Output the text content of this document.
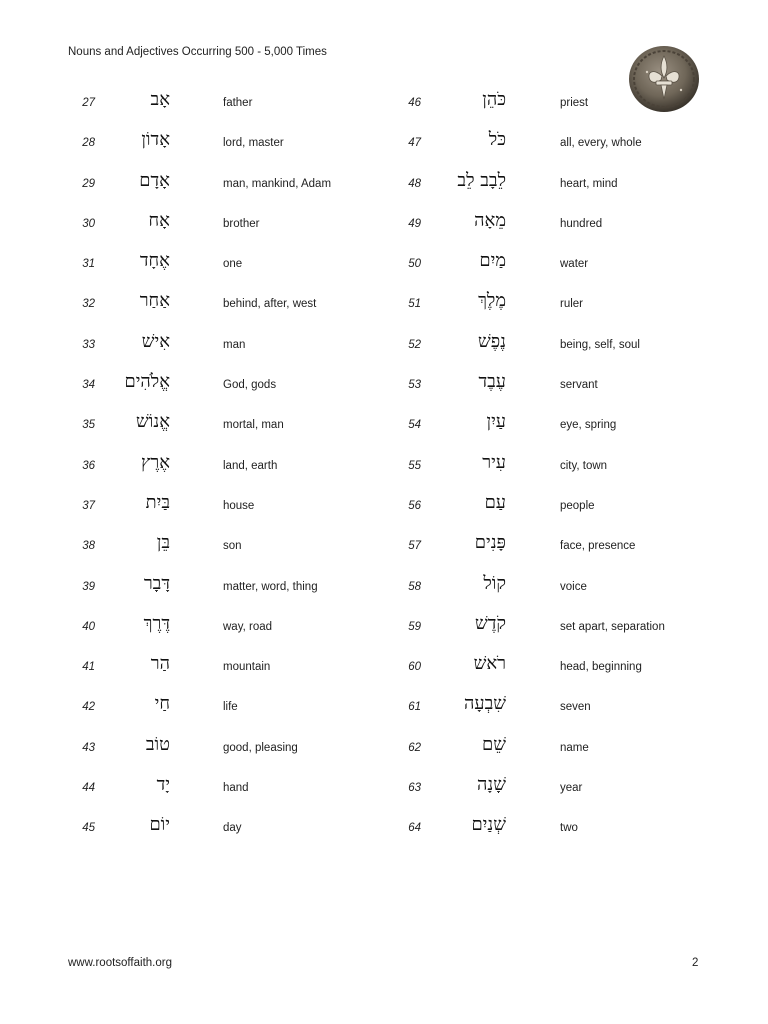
Nouns and Adjectives Occurring 500 - 5,000 Times
27	אָב	father
28	אָדוֹן	lord, master
29	אָדָם	man, mankind, Adam
30	אָח	brother
31	אֶחָד	one
32	אַחַר	behind, after, west
33	אִישׁ	man
34	אֱלֹהִים	God, gods
35	אֱנוֹשׁ	mortal, man
36	אֶרֶץ	land, earth
37	בַּיִת	house
38	בֵּן	son
39	דָּבָר	matter, word, thing
40	דֶּרֶךְ	way, road
41	הַר	mountain
42	חַי	life
43	טוֹב	good, pleasing
44	יָד	hand
45	יוֹם	day
46	כֹּהֵן	priest
47	כֹּל	all, every, whole
48	לֵבָב לֵב	heart, mind
49	מֵאָה	hundred
50	מַיִם	water
51	מֶלֶךְ	ruler
52	נֶפֶשׁ	being, self, soul
53	עֶבֶד	servant
54	עַיִן	eye, spring
55	עִיר	city, town
56	עַם	people
57	פָּנִים	face, presence
58	קוֹל	voice
59	קֹדֶשׁ	set apart, separation
60	רֹאשׁ	head, beginning
61	שִׁבְעָה	seven
62	שֵׁם	name
63	שָׁנָה	year
64	שְׁנַיִם	two
www.rootsoffaith.org	2
